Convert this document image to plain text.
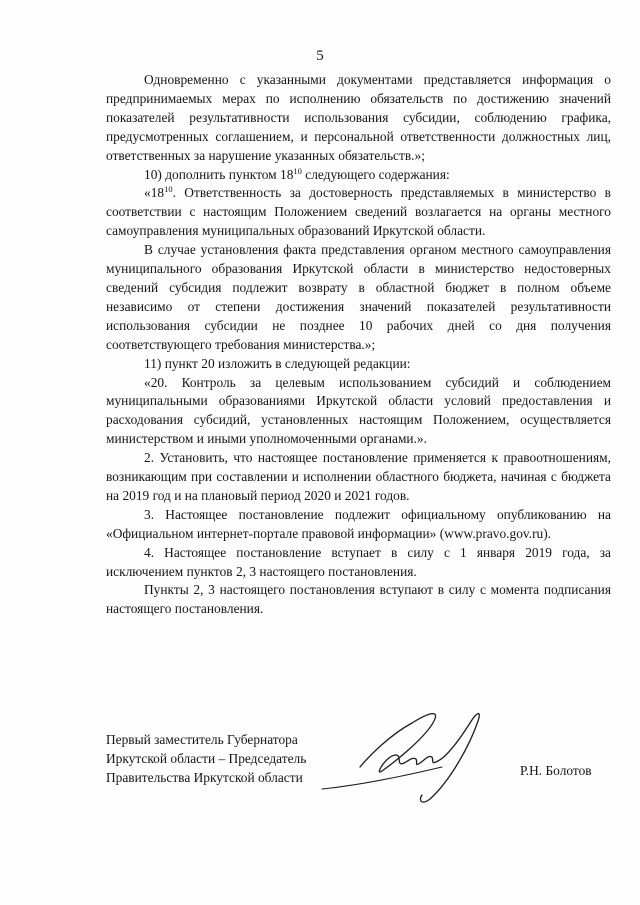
5

Одновременно с указанными документами представляется информация о предпринимаемых мерах по исполнению обязательств по достижению значений показателей результативности использования субсидии, соблюдению графика, предусмотренных соглашением, и персональной ответственности должностных лиц, ответственных за нарушение указанных обязательств.»;

10) дополнить пунктом $18^{10}$ следующего содержания:

«$18^{10}$. Ответственность за достоверность представляемых в министерство в соответствии с настоящим Положением сведений возлагается на органы местного самоуправления муниципальных образований Иркутской области.

В случае установления факта представления органом местного самоуправления муниципального образования Иркутской области в министерство недостоверных сведений субсидия подлежит возврату в областной бюджет в полном объеме независимо от степени достижения значений показателей результативности использования субсидии не позднее 10 рабочих дней со дня получения соответствующего требования министерства.»;

11) пункт 20 изложить в следующей редакции:

«20. Контроль за целевым использованием субсидий и соблюдением муниципальными образованиями Иркутской области условий предоставления и расходования субсидий, установленных настоящим Положением, осуществляется министерством и иными уполномоченными органами.».

2. Установить, что настоящее постановление применяется к правоотношениям, возникающим при составлении и исполнении областного бюджета, начиная с бюджета на 2019 год и на плановый период 2020 и 2021 годов.

3. Настоящее постановление подлежит официальному опубликованию на «Официальном интернет-портале правовой информации» (www.pravo.gov.ru).

4. Настоящее постановление вступает в силу с 1 января 2019 года, за исключением пунктов 2, 3 настоящего постановления.

Пункты 2, 3 настоящего постановления вступают в силу с момента подписания настоящего постановления.

Первый заместитель Губернатора
Иркутской области – Председатель
Правительства Иркутской области	Р.Н. Болотов
